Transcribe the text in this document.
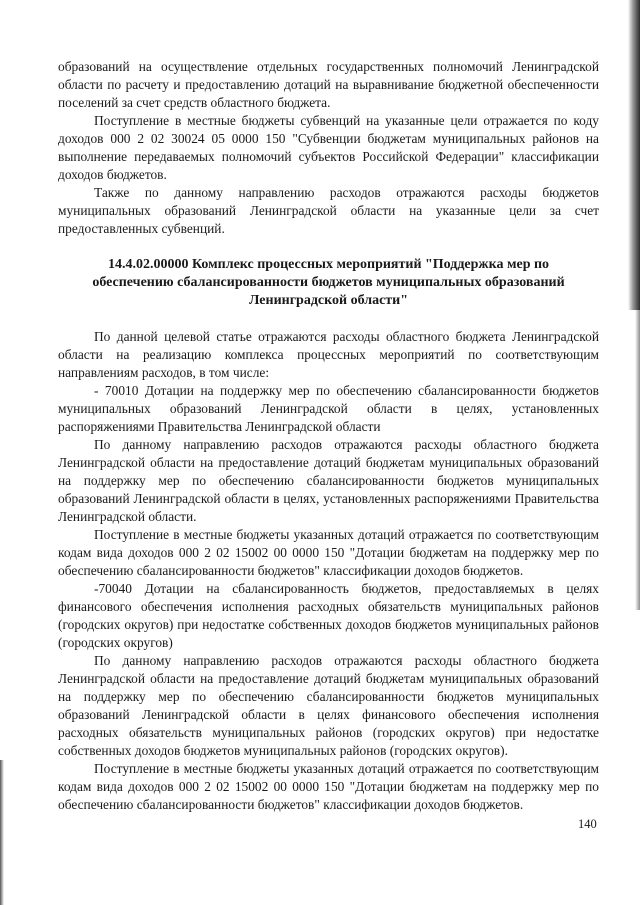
образований на осуществление отдельных государственных полномочий Ленинградской области по расчету и предоставлению дотаций на выравнивание бюджетной обеспеченности поселений за счет средств областного бюджета.

Поступление в местные бюджеты субвенций на указанные цели отражается по коду доходов 000 2 02 30024 05 0000 150 "Субвенции бюджетам муниципальных районов на выполнение передаваемых полномочий субъектов Российской Федерации" классификации доходов бюджетов.

Также по данному направлению расходов отражаются расходы бюджетов муниципальных образований Ленинградской области на указанные цели за счет предоставленных субвенций.

14.4.02.00000 Комплекс процессных мероприятий "Поддержка мер по обеспечению сбалансированности бюджетов муниципальных образований Ленинградской области"

По данной целевой статье отражаются расходы областного бюджета Ленинградской области на реализацию комплекса процессных мероприятий по соответствующим направлениям расходов, в том числе:

- 70010 Дотации на поддержку мер по обеспечению сбалансированности бюджетов муниципальных образований Ленинградской области в целях, установленных распоряжениями Правительства Ленинградской области

По данному направлению расходов отражаются расходы областного бюджета Ленинградской области на предоставление дотаций бюджетам муниципальных образований на поддержку мер по обеспечению сбалансированности бюджетов муниципальных образований Ленинградской области в целях, установленных распоряжениями Правительства Ленинградской области.

Поступление в местные бюджеты указанных дотаций отражается по соответствующим кодам вида доходов 000 2 02 15002 00 0000 150 "Дотации бюджетам на поддержку мер по обеспечению сбалансированности бюджетов" классификации доходов бюджетов.

-70040 Дотации на сбалансированность бюджетов, предоставляемых в целях финансового обеспечения исполнения расходных обязательств муниципальных районов (городских округов) при недостатке собственных доходов бюджетов муниципальных районов (городских округов)

По данному направлению расходов отражаются расходы областного бюджета Ленинградской области на предоставление дотаций бюджетам муниципальных образований на поддержку мер по обеспечению сбалансированности бюджетов муниципальных образований Ленинградской области в целях финансового обеспечения исполнения расходных обязательств муниципальных районов (городских округов) при недостатке собственных доходов бюджетов муниципальных районов (городских округов).

Поступление в местные бюджеты указанных дотаций отражается по соответствующим кодам вида доходов 000 2 02 15002 00 0000 150 "Дотации бюджетам на поддержку мер по обеспечению сбалансированности бюджетов" классификации доходов бюджетов.

140
